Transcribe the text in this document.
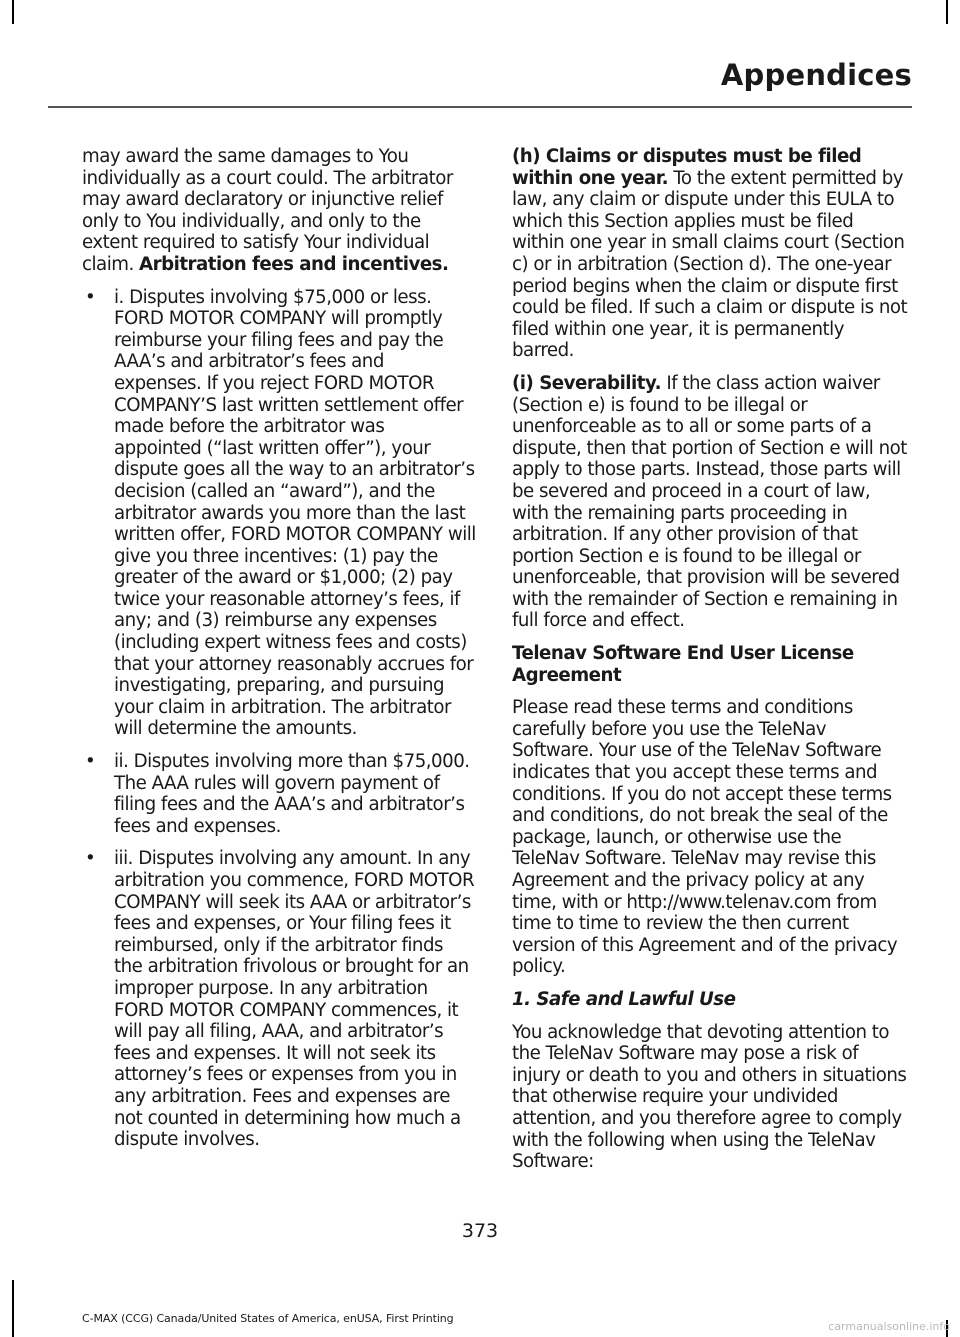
Appendices

may award the same damages to You individually as a court could. The arbitrator may award declaratory or injunctive relief only to You individually, and only to the extent required to satisfy Your individual claim. Arbitration fees and incentives.

• i. Disputes involving $75,000 or less. FORD MOTOR COMPANY will promptly reimburse your filing fees and pay the AAA’s and arbitrator’s fees and expenses. If you reject FORD MOTOR COMPANY’S last written settlement offer made before the arbitrator was appointed (“last written offer”), your dispute goes all the way to an arbitrator’s decision (called an “award”), and the arbitrator awards you more than the last written offer, FORD MOTOR COMPANY will give you three incentives: (1) pay the greater of the award or $1,000; (2) pay twice your reasonable attorney’s fees, if any; and (3) reimburse any expenses (including expert witness fees and costs) that your attorney reasonably accrues for investigating, preparing, and pursuing your claim in arbitration. The arbitrator will determine the amounts.
• ii. Disputes involving more than $75,000. The AAA rules will govern payment of filing fees and the AAA’s and arbitrator’s fees and expenses.
• iii. Disputes involving any amount. In any arbitration you commence, FORD MOTOR COMPANY will seek its AAA or arbitrator’s fees and expenses, or Your filing fees it reimbursed, only if the arbitrator finds the arbitration frivolous or brought for an improper purpose. In any arbitration FORD MOTOR COMPANY commences, it will pay all filing, AAA, and arbitrator’s fees and expenses. It will not seek its attorney’s fees or expenses from you in any arbitration. Fees and expenses are not counted in determining how much a dispute involves.

(h) Claims or disputes must be filed within one year. To the extent permitted by law, any claim or dispute under this EULA to which this Section applies must be filed within one year in small claims court (Section c) or in arbitration (Section d). The one-year period begins when the claim or dispute first could be filed. If such a claim or dispute is not filed within one year, it is permanently barred.

(i) Severability. If the class action waiver (Section e) is found to be illegal or unenforceable as to all or some parts of a dispute, then that portion of Section e will not apply to those parts. Instead, those parts will be severed and proceed in a court of law, with the remaining parts proceeding in arbitration. If any other provision of that portion Section e is found to be illegal or unenforceable, that provision will be severed with the remainder of Section e remaining in full force and effect.

Telenav Software End User License Agreement

Please read these terms and conditions carefully before you use the TeleNav Software. Your use of the TeleNav Software indicates that you accept these terms and conditions. If you do not accept these terms and conditions, do not break the seal of the package, launch, or otherwise use the TeleNav Software. TeleNav may revise this Agreement and the privacy policy at any time, with or http://www.telenav.com from time to time to review the then current version of this Agreement and of the privacy policy.

1. Safe and Lawful Use

You acknowledge that devoting attention to the TeleNav Software may pose a risk of injury or death to you and others in situations that otherwise require your undivided attention, and you therefore agree to comply with the following when using the TeleNav Software:

373
C-MAX (CCG) Canada/United States of America, enUSA, First Printing
carmanualsonline.info
